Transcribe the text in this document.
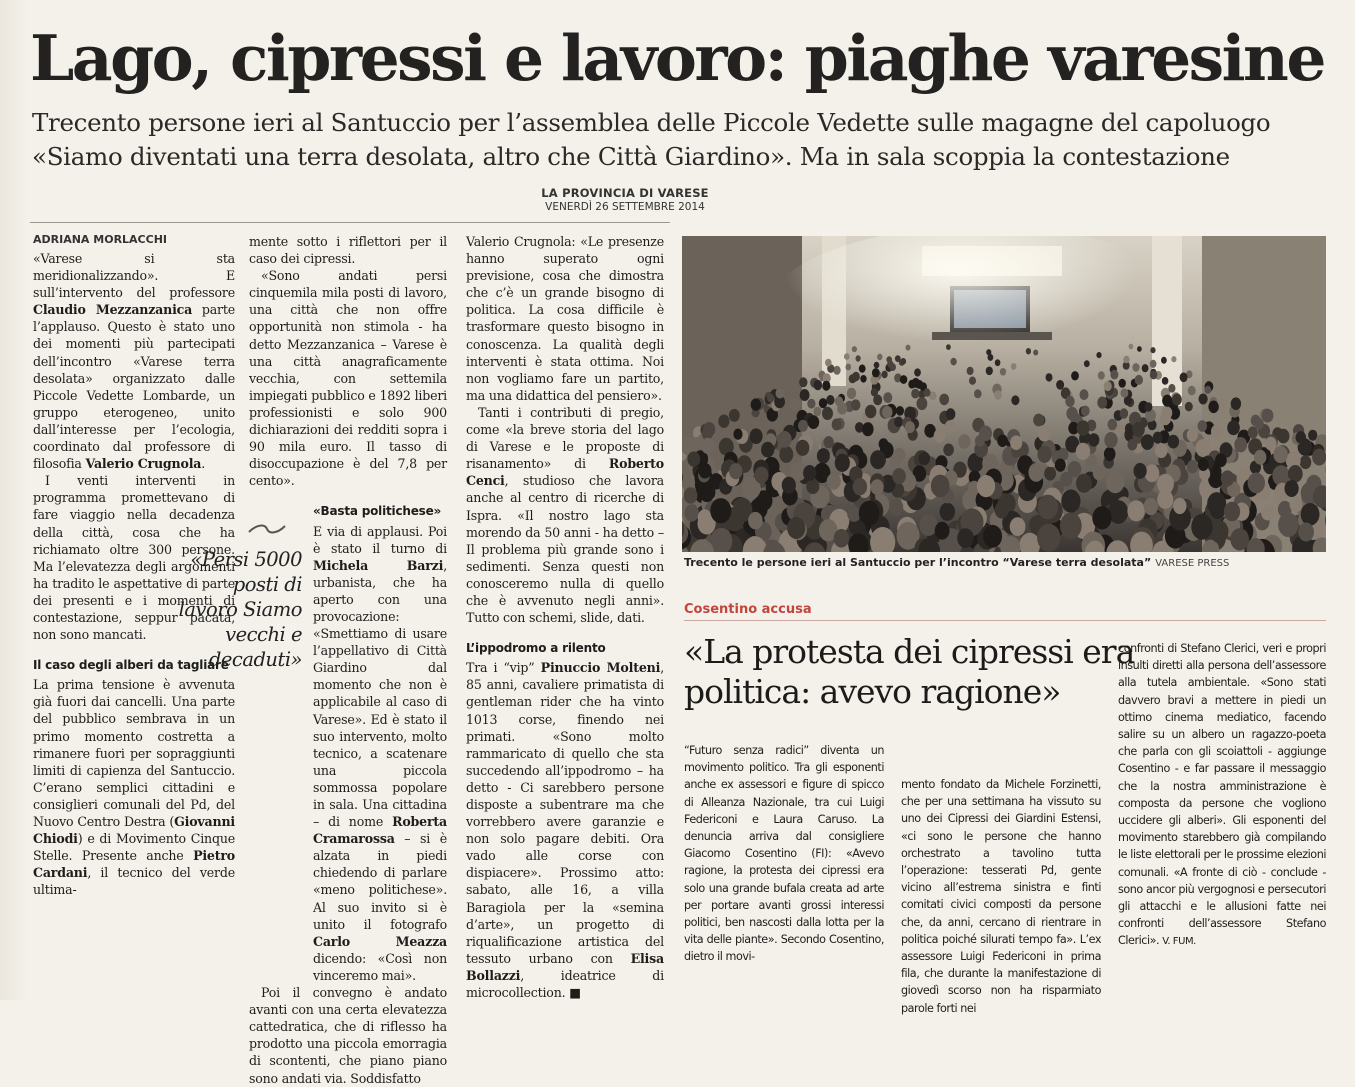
Lago, cipressi e lavoro: piaghe varesine
Trecento persone ieri al Santuccio per l’assemblea delle Piccole Vedette sulle magagne del capoluogo
«Siamo diventati una terra desolata, altro che Città Giardino». Ma in sala scoppia la contestazione
LA PROVINCIA DI VARESE
VENERDÌ 26 SETTEMBRE 2014
ADRIANA MORLACCHI

«Varese si sta meridionalizzando». E sull’intervento del professore Claudio Mezzanzanica parte l’applauso. Questo è stato uno dei momenti più partecipati dell’incontro «Varese terra desolata» organizzato dalle Piccole Vedette Lombarde, un gruppo eterogeneo, unito dall’interesse per l’ecologia, coordinato dal professore di filosofia Valerio Crugnola.

I venti interventi in programma promettevano di fare viaggio nella decadenza della città, cosa che ha richiamato oltre 300 persone. Ma l’elevatezza degli argomenti ha tradito le aspettative di parte dei presenti e i momenti di contestazione, seppur pacata, non sono mancati.

Il caso degli alberi da tagliare

La prima tensione è avvenuta già fuori dai cancelli. Una parte del pubblico sembrava in un primo momento costretta a rimanere fuori per sopraggiunti limiti di capienza del Santuccio. C’erano semplici cittadini e consiglieri comunali del Pd, del Nuovo Centro Destra (Giovanni Chiodi) e di Movimento Cinque Stelle. Presente anche Pietro Cardani, il tecnico del verde ultima-

«Persi 5000 posti di lavoro Siamo vecchi e decaduti»

mente sotto i riflettori per il caso dei cipressi.

«Sono andati persi cinquemila mila posti di lavoro, una città che non offre opportunità non stimola - ha detto Mezzanzanica – Varese è una città anagraficamente vecchia, con settemila impiegati pubblico e 1892 liberi professionisti e solo 900 dichiarazioni dei redditi sopra i 90 mila euro. Il tasso di disoccupazione è del 7,8 per cento».

«Basta politichese»

E via di applausi. Poi è stato il turno di Michela Barzi, urbanista, che ha aperto con una provocazione: «Smettiamo di usare l’appellativo di Città Giardino dal momento che non è applicabile al caso di Varese». Ed è stato il suo intervento, molto tecnico, a scatenare una piccola sommossa popolare in sala. Una cittadina – di nome Roberta Cramarossa – si è alzata in piedi chiedendo di parlare «meno politichese». Al suo invito si è unito il fotografo Carlo Meazza dicendo: «Così non vinceremo mai».

Poi il convegno è andato avanti con una certa elevatezza cattedratica, che di riflesso ha prodotto una piccola emorragia di scontenti, che piano piano sono andati via. Soddisfatto

Valerio Crugnola: «Le presenze hanno superato ogni previsione, cosa che dimostra che c’è un grande bisogno di politica. La cosa difficile è trasformare questo bisogno in conoscenza. La qualità degli interventi è stata ottima. Noi non vogliamo fare un partito, ma una didattica del pensiero».

Tanti i contributi di pregio, come «la breve storia del lago di Varese e le proposte di risanamento» di Roberto Cenci, studioso che lavora anche al centro di ricerche di Ispra. «Il nostro lago sta morendo da 50 anni - ha detto – Il problema più grande sono i sedimenti. Senza questi non conosceremo nulla di quello che è avvenuto negli anni». Tutto con schemi, slide, dati.

L’ippodromo a rilento

Tra i “vip” Pinuccio Molteni, 85 anni, cavaliere primatista di gentleman rider che ha vinto 1013 corse, finendo nei primati. «Sono molto rammaricato di quello che sta succedendo all’ippodromo – ha detto - Ci sarebbero persone disposte a subentrare ma che vorrebbero avere garanzie e non solo pagare debiti. Ora vado alle corse con dispiacere». Prossimo atto: sabato, alle 16, a villa Baragiola per la «semina d’arte», un progetto di riqualificazione artistica del tessuto urbano con Elisa Bollazzi, ideatrice di microcollection. ■

Trecento le persone ieri al Santuccio per l’incontro “Varese terra desolata” VARESE PRESS
Cosentino accusa
«La protesta dei cipressi era politica: avevo ragione»

“Futuro senza radici” diventa un movimento politico. Tra gli esponenti anche ex assessori e figure di spicco di Alleanza Nazionale, tra cui Luigi Federiconi e Laura Caruso. La denuncia arriva dal consigliere Giacomo Cosentino (FI): «Avevo ragione, la protesta dei cipressi era solo una grande bufala creata ad arte per portare avanti grossi interessi politici, ben nascosti dalla lotta per la vita delle piante». Secondo Cosentino, dietro il movi-

mento fondato da Michele Forzinetti, che per una settimana ha vissuto su uno dei Cipressi dei Giardini Estensi, «ci sono le persone che hanno orchestrato a tavolino tutta l’operazione: tesserati Pd, gente vicino all’estrema sinistra e finti comitati civici composti da persone che, da anni, cercano di rientrare in politica poiché silurati tempo fa». L’ex assessore Luigi Federiconi in prima fila, che durante la manifestazione di giovedì scorso non ha risparmiato parole forti nei

confronti di Stefano Clerici, veri e propri insulti diretti alla persona dell’assessore alla tutela ambientale. «Sono stati davvero bravi a mettere in piedi un ottimo cinema mediatico, facendo salire su un albero un ragazzo-poeta che parla con gli scoiattoli - aggiunge Cosentino - e far passare il messaggio che la nostra amministrazione è composta da persone che vogliono uccidere gli alberi». Gli esponenti del movimento starebbero già compilando le liste elettorali per le prossime elezioni comunali. «A fronte di ciò - conclude - sono ancor più vergognosi e persecutori gli attacchi e le allusioni fatte nei confronti dell’assessore Stefano Clerici». V. FUM.
